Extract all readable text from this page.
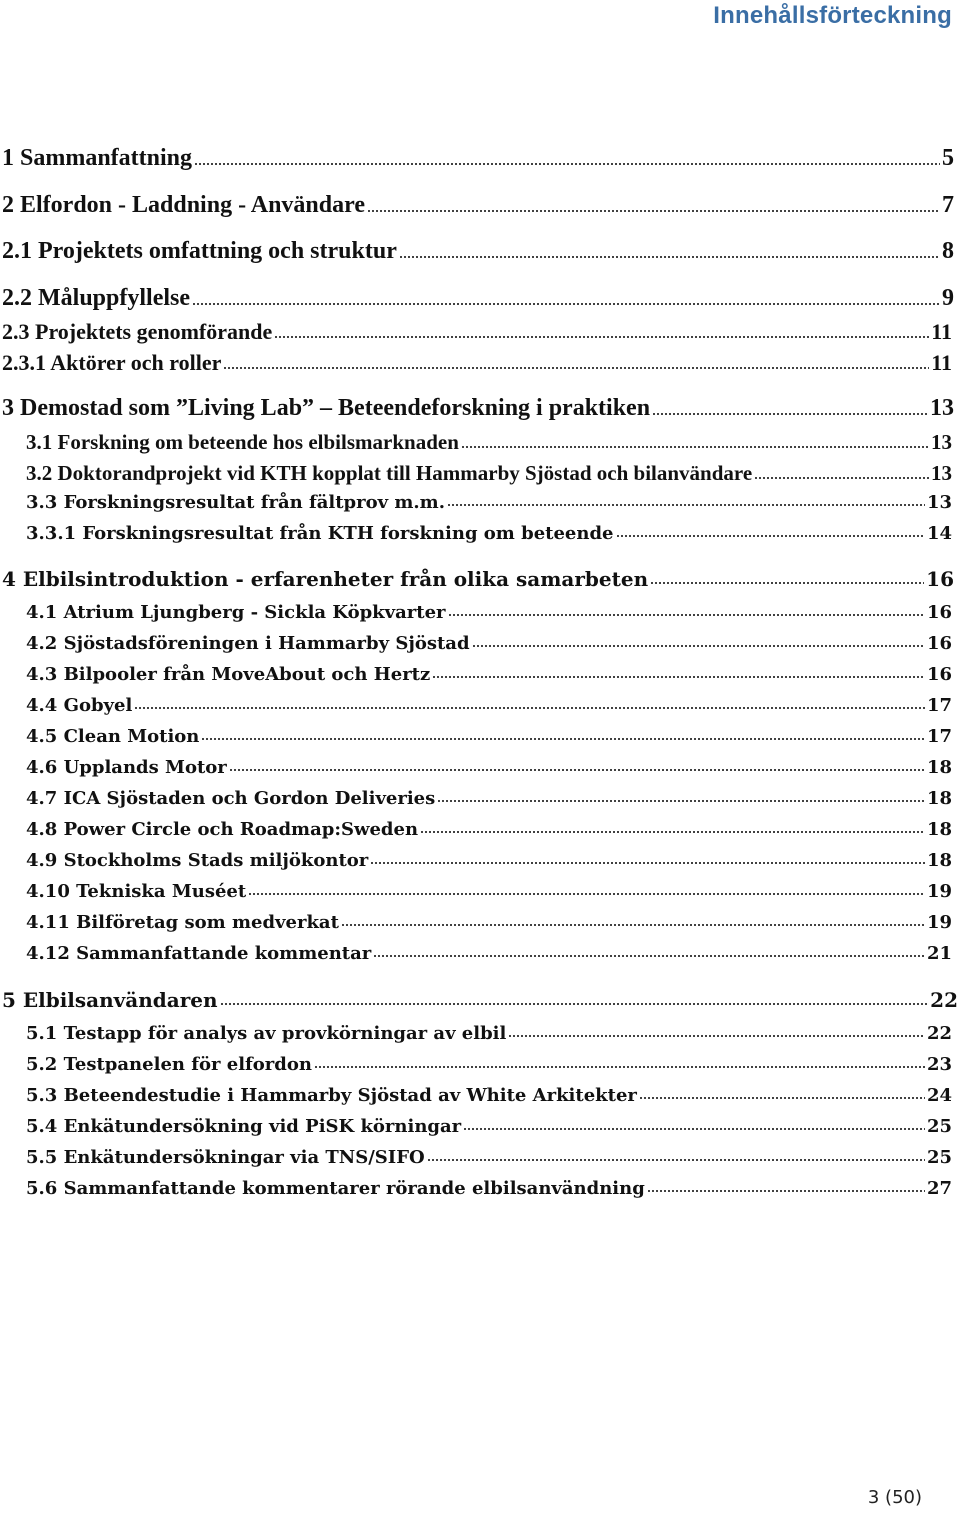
Innehållsförteckning
1 Sammanfattning	5
2 Elfordon - Laddning - Användare	7
2.1 Projektets omfattning och struktur	8
2.2 Måluppfyllelse	9
2.3 Projektets genomförande	11
2.3.1 Aktörer och roller	11
3 Demostad som ”Living Lab” – Beteendeforskning i praktiken	13
3.1 Forskning om beteende hos elbilsmarknaden	13
3.2 Doktorandprojekt vid KTH kopplat till Hammarby Sjöstad och bilanvändare	13
3.3 Forskningsresultat från fältprov m.m.	13
3.3.1 Forskningsresultat från KTH forskning om beteende	14
4 Elbilsintroduktion - erfarenheter från olika samarbeten	16
4.1 Atrium Ljungberg - Sickla Köpkvarter	16
4.2 Sjöstadsföreningen i Hammarby Sjöstad	16
4.3 Bilpooler från MoveAbout och Hertz	16
4.4 Gobyel	17
4.5 Clean Motion	17
4.6 Upplands Motor	18
4.7 ICA Sjöstaden och Gordon Deliveries	18
4.8 Power Circle och Roadmap:Sweden	18
4.9 Stockholms Stads miljökontor	18
4.10 Tekniska Muséet	19
4.11 Bilföretag som medverkat	19
4.12 Sammanfattande kommentar	21
5 Elbilsanvändaren	22
5.1 Testapp för analys av provkörningar av elbil	22
5.2 Testpanelen för elfordon	23
5.3 Beteendestudie i Hammarby Sjöstad av White Arkitekter	24
5.4 Enkätundersökning vid PiSK körningar	25
5.5 Enkätundersökningar via TNS/SIFO	25
5.6 Sammanfattande kommentarer rörande elbilsanvändning	27
3 (50)
